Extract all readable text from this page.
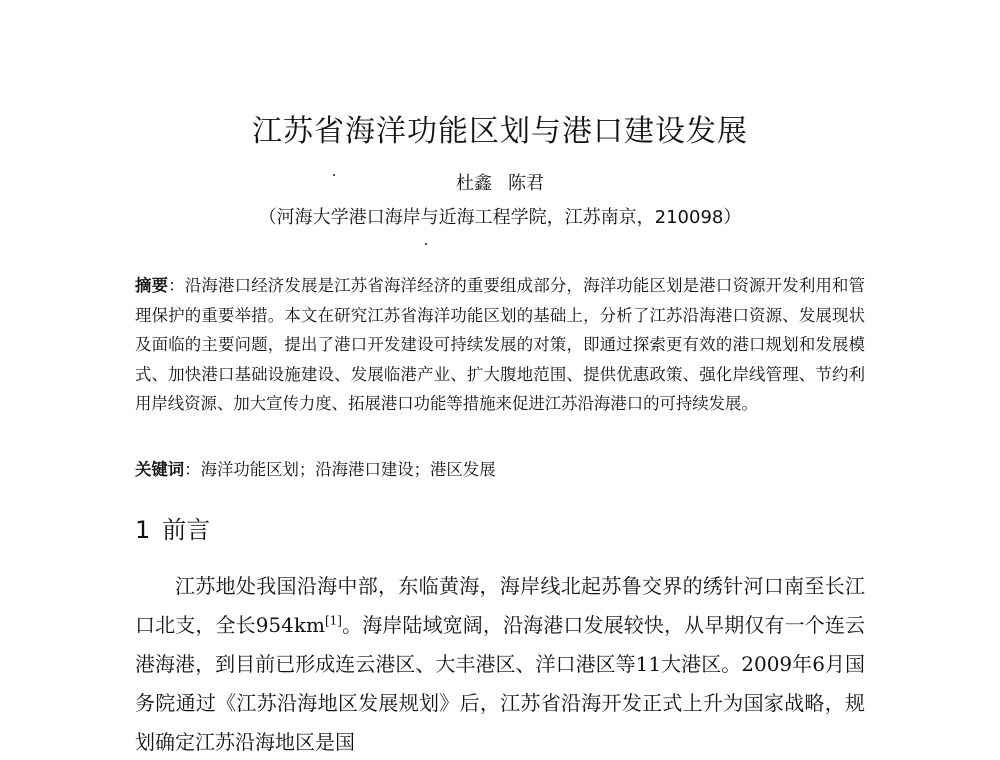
江苏省海洋功能区划与港口建设发展
杜鑫 陈君
（河海大学港口海岸与近海工程学院，江苏南京，210098）
摘要：沿海港口经济发展是江苏省海洋经济的重要组成部分，海洋功能区划是港口资源开发利用和管理保护的重要举措。本文在研究江苏省海洋功能区划的基础上，分析了江苏沿海港口资源、发展现状及面临的主要问题，提出了港口开发建设可持续发展的对策，即通过探索更有效的港口规划和发展模式、加快港口基础设施建设、发展临港产业、扩大腹地范围、提供优惠政策、强化岸线管理、节约利用岸线资源、加大宣传力度、拓展港口功能等措施来促进江苏沿海港口的可持续发展。
关键词：海洋功能区划；沿海港口建设；港区发展
1 前言
江苏地处我国沿海中部，东临黄海，海岸线北起苏鲁交界的绣针河口南至长江口北支，全长954km[1]。海岸陆域宽阔，沿海港口发展较快，从早期仅有一个连云港海港，到目前已形成连云港区、大丰港区、洋口港区等11大港区。2009年6月国务院通过《江苏沿海地区发展规划》后，江苏省沿海开发正式上升为国家战略，规划确定江苏沿海地区是国
